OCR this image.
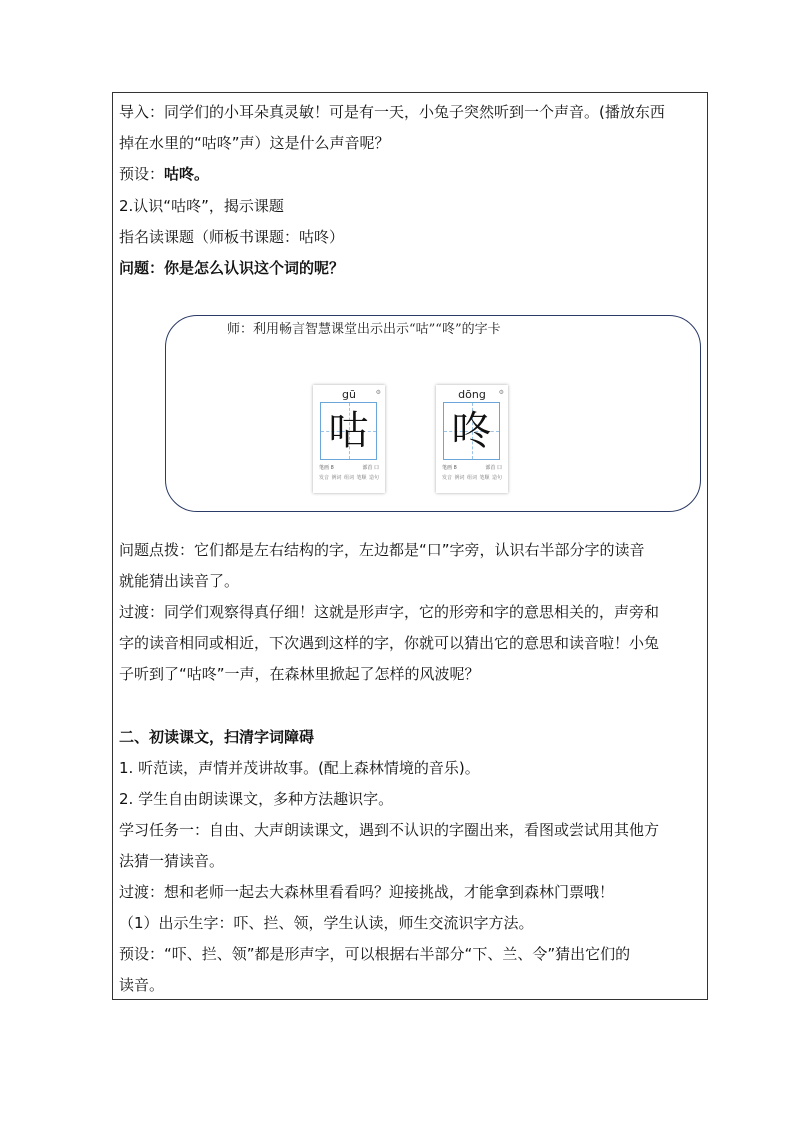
导入：同学们的小耳朵真灵敏！可是有一天，小兔子突然听到一个声音。(播放东西
掉在水里的“咕咚”声）这是什么声音呢？
预设：咕咚。
2.认识“咕咚”，揭示课题
指名读课题（师板书课题：咕咚）
问题：你是怎么认识这个词的呢？
师：利用畅言智慧课堂出示出示“咕”“咚”的字卡
gū	⚙
咕
笔画 8	部首 口
发音 例词 组词 笔顺 造句
dōng	⚙
咚
笔画 8	部首 口
发音 例词 组词 笔顺 造句
问题点拨：它们都是左右结构的字，左边都是“口”字旁，认识右半部分字的读音
就能猜出读音了。
过渡：同学们观察得真仔细！这就是形声字，它的形旁和字的意思相关的，声旁和
字的读音相同或相近，下次遇到这样的字，你就可以猜出它的意思和读音啦！小兔
子听到了“咕咚”一声，在森林里掀起了怎样的风波呢？
二、初读课文，扫清字词障碍
1. 听范读，声情并茂讲故事。(配上森林情境的音乐)。
2. 学生自由朗读课文，多种方法趣识字。
学习任务一：自由、大声朗读课文，遇到不认识的字圈出来，看图或尝试用其他方
法猜一猜读音。
过渡：想和老师一起去大森林里看看吗？迎接挑战，才能拿到森林门票哦！
（1）出示生字：吓、拦、领，学生认读，师生交流识字方法。
预设：“吓、拦、领”都是形声字，可以根据右半部分“下、兰、令”猜出它们的
读音。
